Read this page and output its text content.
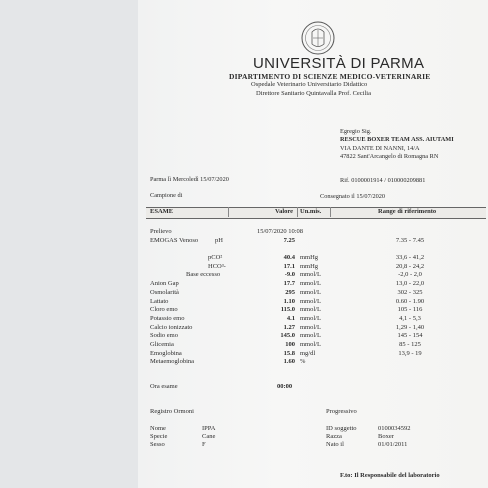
UNIVERSITÀ DI PARMA
DIPARTIMENTO DI SCIENZE MEDICO-VETERINARIE
Ospedale Veterinario Universitario Didattico
Direttore Sanitario Quintavalla Prof. Cecilia
Egregio Sig.
RESCUE BOXER TEAM ASS. AIUTAMI
VIA DANTE DI NANNI, 14/A
47822 Sant'Arcangelo di Romagna RN
Parma lì Mercoledì 15/07/2020	Rif. 0100001914 / 010000209881
Campione di	Consegnato il 15/07/2020
ESAME	Valore Un.mis.	Range di riferimento
Prelievo	15/07/2020 10:08
EMOGAS Venoso	pH	7.25	7.35 - 7.45
pCO²	40.4 mmHg	33,6 - 41,2
HCO³-	17.1 mmHg	20,8 - 24,2
Base eccesso	-9.0 mmol/L	-2,0 - 2,0
Anion Gap	17.7 mmol/L	13,0 - 22,0
Osmolarità	295 mmol/L	302 - 325
Lattato	1.10 mmol/L	0.60 - 1.90
Cloro emo	115.0 mmol/L	105 - 116
Potassio emo	4.1 mmol/L	4,1 - 5,3
Calcio ionizzato	1.27 mmol/L	1,29 - 1,40
Sodio emo	145.0 mmol/L	145 - 154
Glicemia	100 mmol/L	85 - 125
Emoglobina	15.8 mg/dl	13,9 - 19
Metaemoglobina	1.60 %
Ora esame	00:00
Registro Ormoni	Progressivo
Nome	IPPA
Specie	Cane
Sesso	F
ID soggetto	0100034592
Razza	Boxer
Nato il	01/01/2011
F.to: Il Responsabile del laboratorio
